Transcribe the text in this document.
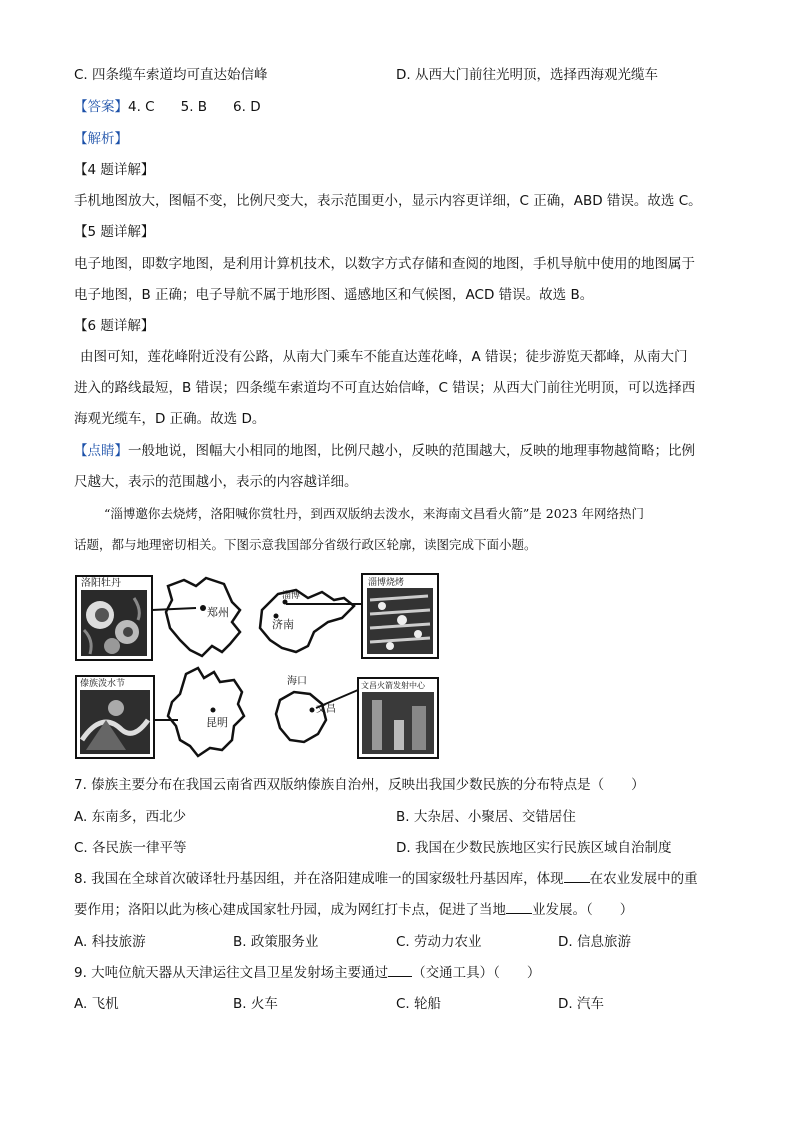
C. 四条缆车索道均可直达始信峰	D. 从西大门前往光明顶，选择西海观光缆车
【答案】4. C 5. B 6. D
【解析】
【4 题详解】
手机地图放大，图幅不变，比例尺变大，表示范围更小，显示内容更详细，C 正确，ABD 错误。故选 C。
【5 题详解】
电子地图，即数字地图，是利用计算机技术，以数字方式存储和查阅的地图，手机导航中使用的地图属于
电子地图，B 正确；电子导航不属于地形图、遥感地区和气候图，ACD 错误。故选 B。
【6 题详解】
由图可知，莲花峰附近没有公路，从南大门乘车不能直达莲花峰，A 错误；徒步游览天都峰，从南大门
进入的路线最短，B 错误；四条缆车索道均不可直达始信峰，C 错误；从西大门前往光明顶，可以选择西
海观光缆车，D 正确。故选 D。
【点睛】一般地说，图幅大小相同的地图，比例尺越小，反映的范围越大，反映的地理事物越简略；比例
尺越大，表示的范围越小，表示的内容越详细。
“淄博邀你去烧烤，洛阳喊你赏牡丹，到西双版纳去泼水，来海南文昌看火箭”是 2023 年网络热门
话题，都与地理密切相关。下图示意我国部分省级行政区轮廓，读图完成下面小题。
洛阳牡丹
郑州
淄博
济南
淄博烧烤
傣族泼水节
昆明
海口
文昌
文昌火箭发射中心
7. 傣族主要分布在我国云南省西双版纳傣族自治州，反映出我国少数民族的分布特点是（　　）
A. 东南多，西北少	B. 大杂居、小聚居、交错居住
C. 各民族一律平等	D. 我国在少数民族地区实行民族区域自治制度
8. 我国在全球首次破译牡丹基因组，并在洛阳建成唯一的国家级牡丹基因库，体现 在农业发展中的重
要作用；洛阳以此为核心建成国家牡丹园，成为网红打卡点，促进了当地 业发展。（　　）
A. 科技旅游	B. 政策服务业	C. 劳动力农业	D. 信息旅游
9. 大吨位航天器从天津运往文昌卫星发射场主要通过 （交通工具）（　　）
A. 飞机	B. 火车	C. 轮船	D. 汽车
